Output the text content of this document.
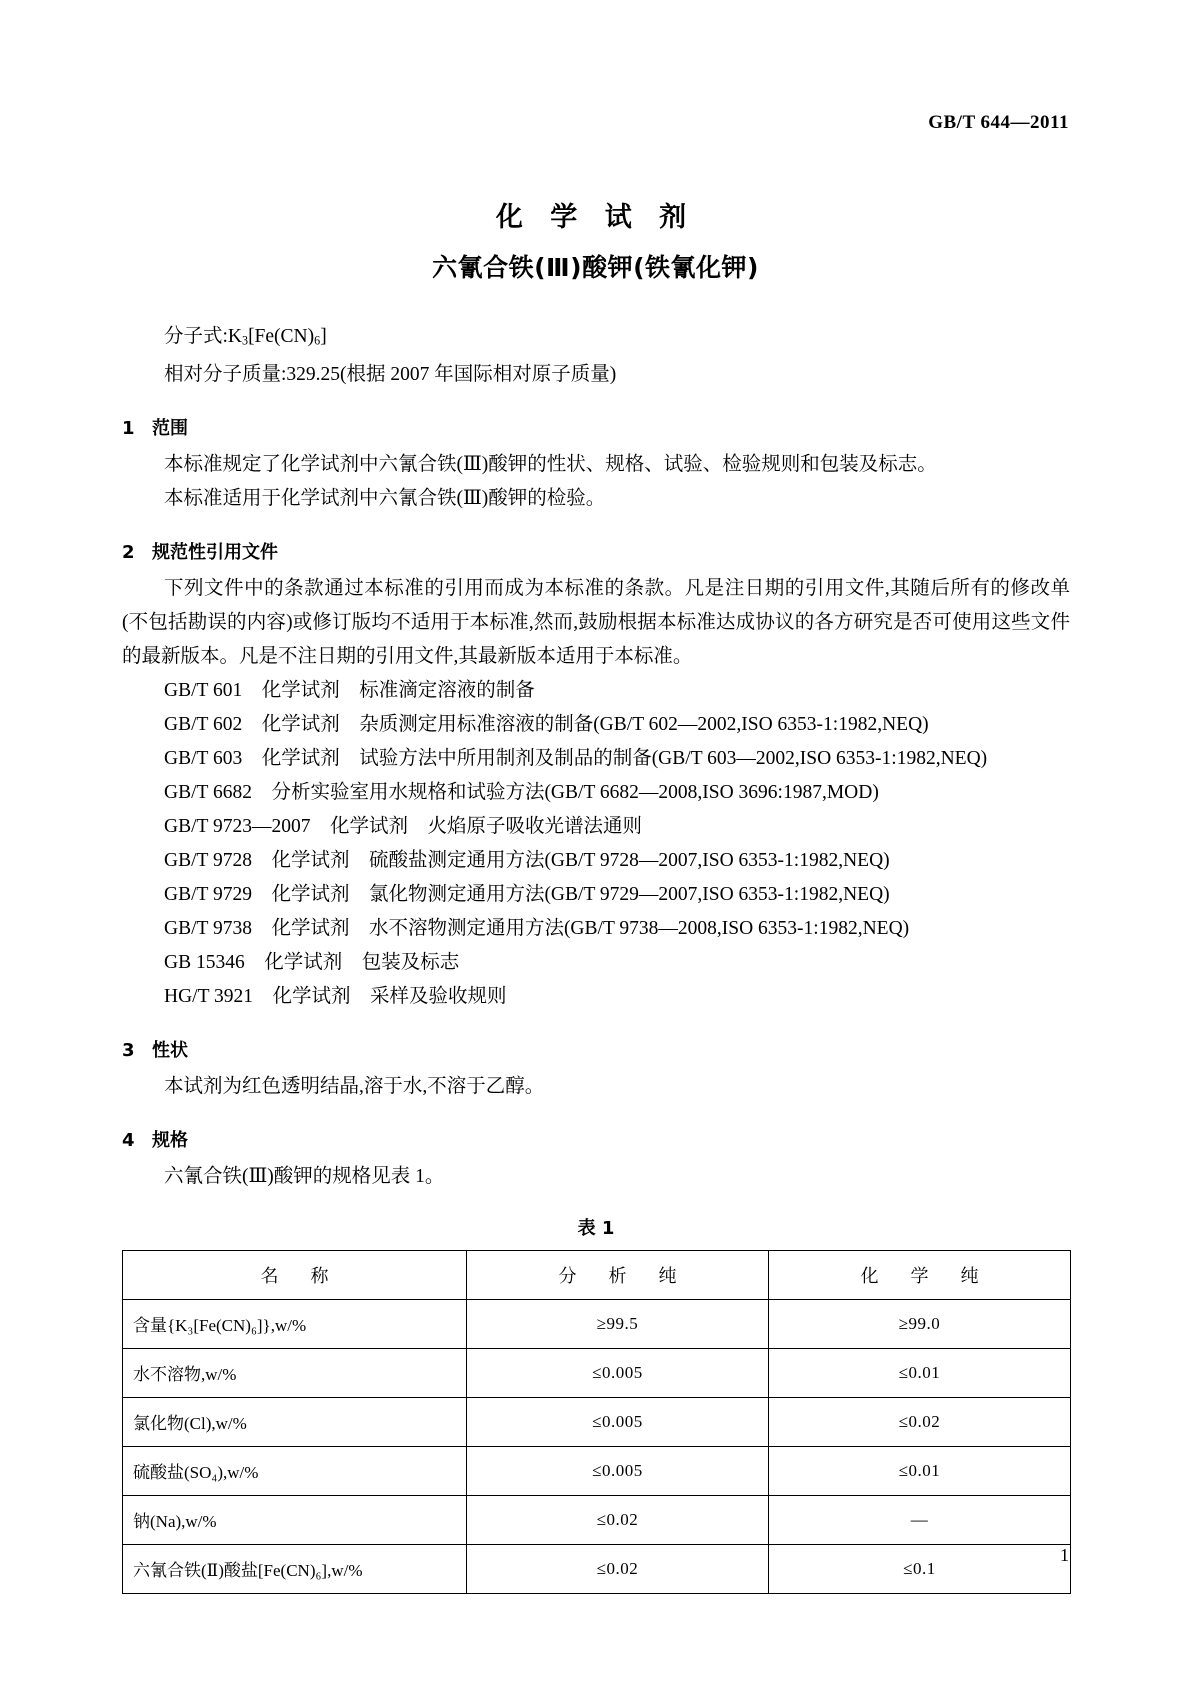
GB/T 644—2011
化 学 试 剂
六氰合铁(Ⅲ)酸钾(铁氰化钾)
分子式$:K_3[Fe(CN)_6]$
相对分子质量:329.25(根据 2007 年国际相对原子质量)
1 范围
本标准规定了化学试剂中六氰合铁(Ⅲ)酸钾的性状、规格、试验、检验规则和包装及标志。
本标准适用于化学试剂中六氰合铁(Ⅲ)酸钾的检验。
2 规范性引用文件
下列文件中的条款通过本标准的引用而成为本标准的条款。凡是注日期的引用文件,其随后所有的修改单(不包括勘误的内容)或修订版均不适用于本标准,然而,鼓励根据本标准达成协议的各方研究是否可使用这些文件的最新版本。凡是不注日期的引用文件,其最新版本适用于本标准。
GB/T 601　化学试剂　标准滴定溶液的制备
GB/T 602　化学试剂　杂质测定用标准溶液的制备(GB/T 602—2002,ISO 6353-1:1982,NEQ)
GB/T 603　化学试剂　试验方法中所用制剂及制品的制备(GB/T 603—2002,ISO 6353-1:1982,NEQ)
GB/T 6682　分析实验室用水规格和试验方法(GB/T 6682—2008,ISO 3696:1987,MOD)
GB/T 9723—2007　化学试剂　火焰原子吸收光谱法通则
GB/T 9728　化学试剂　硫酸盐测定通用方法(GB/T 9728—2007,ISO 6353-1:1982,NEQ)
GB/T 9729　化学试剂　氯化物测定通用方法(GB/T 9729—2007,ISO 6353-1:1982,NEQ)
GB/T 9738　化学试剂　水不溶物测定通用方法(GB/T 9738—2008,ISO 6353-1:1982,NEQ)
GB 15346　化学试剂　包装及标志
HG/T 3921　化学试剂　采样及验收规则
3 性状
本试剂为红色透明结晶,溶于水,不溶于乙醇。
4 规格
六氰合铁(Ⅲ)酸钾的规格见表 1。
表 1
名　称	分　析　纯	化　学　纯
含量{K₃[Fe(CN)₆]},w/%	≥99.5	≥99.0
水不溶物,w/%	≤0.005	≤0.01
氯化物(Cl),w/%	≤0.005	≤0.02
硫酸盐(SO₄),w/%	≤0.005	≤0.01
钠(Na),w/%	≤0.02	—
六氰合铁(Ⅱ)酸盐[Fe(CN)₆],w/%	≤0.02	≤0.1
1
